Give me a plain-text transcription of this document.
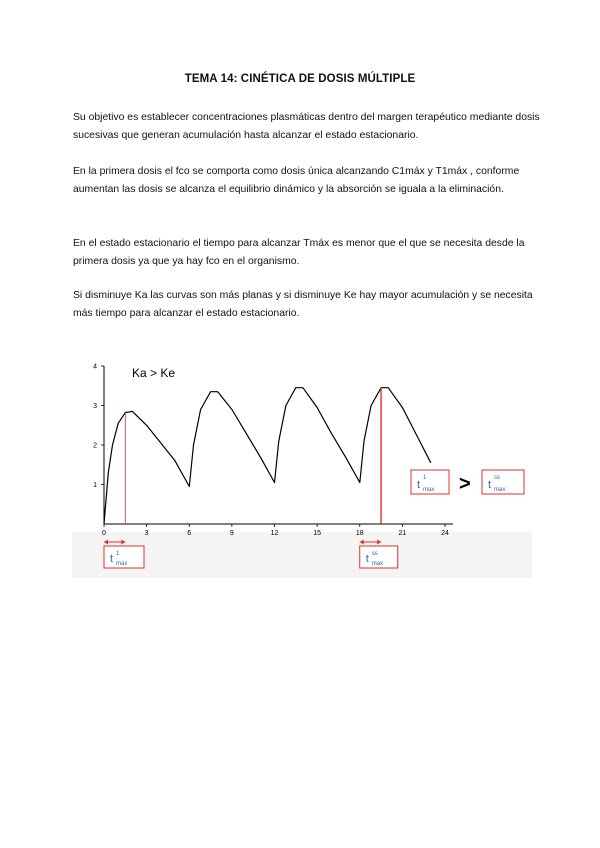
TEMA 14: CINÉTICA DE DOSIS MÚLTIPLE

Su objetivo es establecer concentraciones plasmáticas dentro del margen terapéutico mediante dosis sucesivas que generan acumulación hasta alcanzar el estado estacionario.

En la primera dosis el fco se comporta como dosis única alcanzando C1máx y T1máx , conforme aumentan las dosis se alcanza el equilibrio dinámico y la absorción se iguala a la eliminación.

En el estado estacionario el tiempo para alcanzar Tmáx es menor que el que se necesita desde la primera dosis ya que ya hay fco en el organismo.

Si disminuye Ka las curvas son más planas y si disminuye Ke hay mayor acumulación y se necesita más tiempo para alcanzar el estado estacionario.

Ka > Ke
0	3	6	9	12	15	18	21	24
1
2
3
4
t 1
max	t ss
max
t
1
max > t
ss
max
